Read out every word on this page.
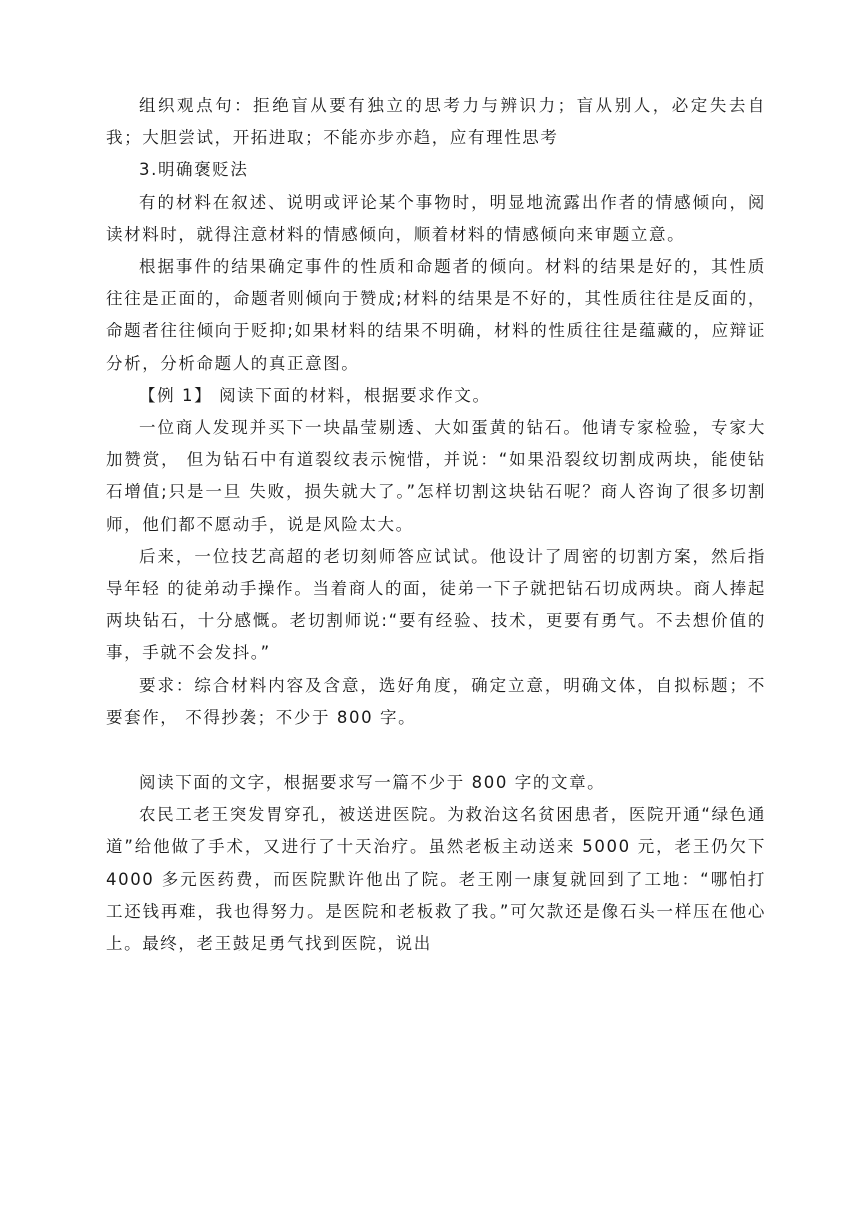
组织观点句：拒绝盲从要有独立的思考力与辨识力；盲从别人，必定失去自我；大胆尝试，开拓进取；不能亦步亦趋，应有理性思考

3.明确褒贬法

有的材料在叙述、说明或评论某个事物时，明显地流露出作者的情感倾向，阅读材料时，就得注意材料的情感倾向，顺着材料的情感倾向来审题立意。

根据事件的结果确定事件的性质和命题者的倾向。材料的结果是好的，其性质往往是正面的，命题者则倾向于赞成;材料的结果是不好的，其性质往往是反面的，命题者往往倾向于贬抑;如果材料的结果不明确，材料的性质往往是蕴藏的，应辩证分析，分析命题人的真正意图。

【例 1】 阅读下面的材料，根据要求作文。

一位商人发现并买下一块晶莹剔透、大如蛋黄的钻石。他请专家检验，专家大加赞赏， 但为钻石中有道裂纹表示惋惜，并说：“如果沿裂纹切割成两块，能使钻石增值;只是一旦 失败，损失就大了。”怎样切割这块钻石呢？商人咨询了很多切割师，他们都不愿动手，说是风险太大。

后来，一位技艺高超的老切刻师答应试试。他设计了周密的切割方案，然后指导年轻 的徒弟动手操作。当着商人的面，徒弟一下子就把钻石切成两块。商人捧起两块钻石，十分感慨。老切割师说:“要有经验、技术，更要有勇气。不去想价值的事，手就不会发抖。”

要求：综合材料内容及含意，选好角度，确定立意，明确文体，自拟标题；不要套作， 不得抄袭；不少于 800 字。

阅读下面的文字，根据要求写一篇不少于 800 字的文章。

农民工老王突发胃穿孔，被送进医院。为救治这名贫困患者，医院开通“绿色通道”给他做了手术，又进行了十天治疗。虽然老板主动送来 5000 元，老王仍欠下 4000 多元医药费，而医院默许他出了院。老王刚一康复就回到了工地：“哪怕打工还钱再难，我也得努力。是医院和老板救了我。”可欠款还是像石头一样压在他心上。最终，老王鼓足勇气找到医院，说出
